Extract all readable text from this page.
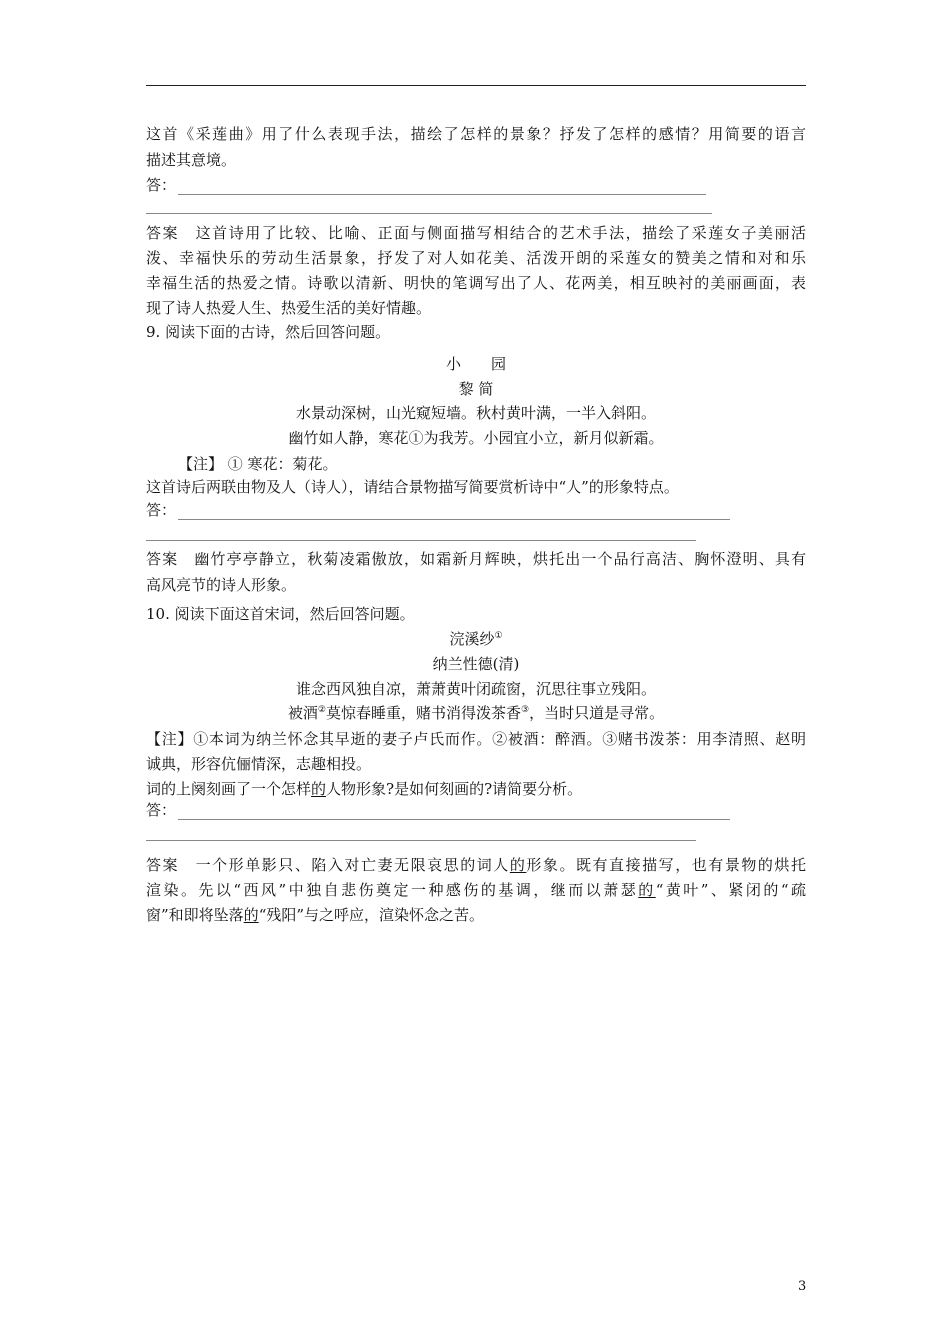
这首《采莲曲》用了什么表现手法，描绘了怎样的景象？抒发了怎样的感情？用简要的语言
描述其意境。
答：
答案　这首诗用了比较、比喻、正面与侧面描写相结合的艺术手法，描绘了采莲女子美丽活
泼、幸福快乐的劳动生活景象，抒发了对人如花美、活泼开朗的采莲女的赞美之情和对和乐
幸福生活的热爱之情。诗歌以清新、明快的笔调写出了人、花两美，相互映衬的美丽画面，表
现了诗人热爱人生、热爱生活的美好情趣。
9. 阅读下面的古诗，然后回答问题。
小　　园
黎 简
水景动深树，山光窥短墙。秋村黄叶满，一半入斜阳。
幽竹如人静，寒花①为我芳。小园宜小立，新月似新霜。
【注】 ① 寒花：菊花。
这首诗后两联由物及人（诗人），请结合景物描写简要赏析诗中“人”的形象特点。
答：
答案　幽竹亭亭静立，秋菊凌霜傲放，如霜新月辉映，烘托出一个品行高洁、胸怀澄明、具有
高风亮节的诗人形象。
10. 阅读下面这首宋词，然后回答问题。
浣溪纱①
纳兰性德(清)
谁念西风独自凉，萧萧黄叶闭疏窗，沉思往事立残阳。
被酒②莫惊春睡重，赌书消得泼茶香③，当时只道是寻常。
【注】①本词为纳兰怀念其早逝的妻子卢氏而作。②被酒：醉酒。③赌书泼茶：用李清照、赵明
诚典，形容伉俪情深，志趣相投。
词的上阕刻画了一个怎样的人物形象?是如何刻画的?请简要分析。
答：
答案　一个形单影只、陷入对亡妻无限哀思的词人的形象。既有直接描写，也有景物的烘托
渲染。先以“西风”中独自悲伤奠定一种感伤的基调，继而以萧瑟的“黄叶”、紧闭的“疏
窗”和即将坠落的“残阳”与之呼应，渲染怀念之苦。
3
